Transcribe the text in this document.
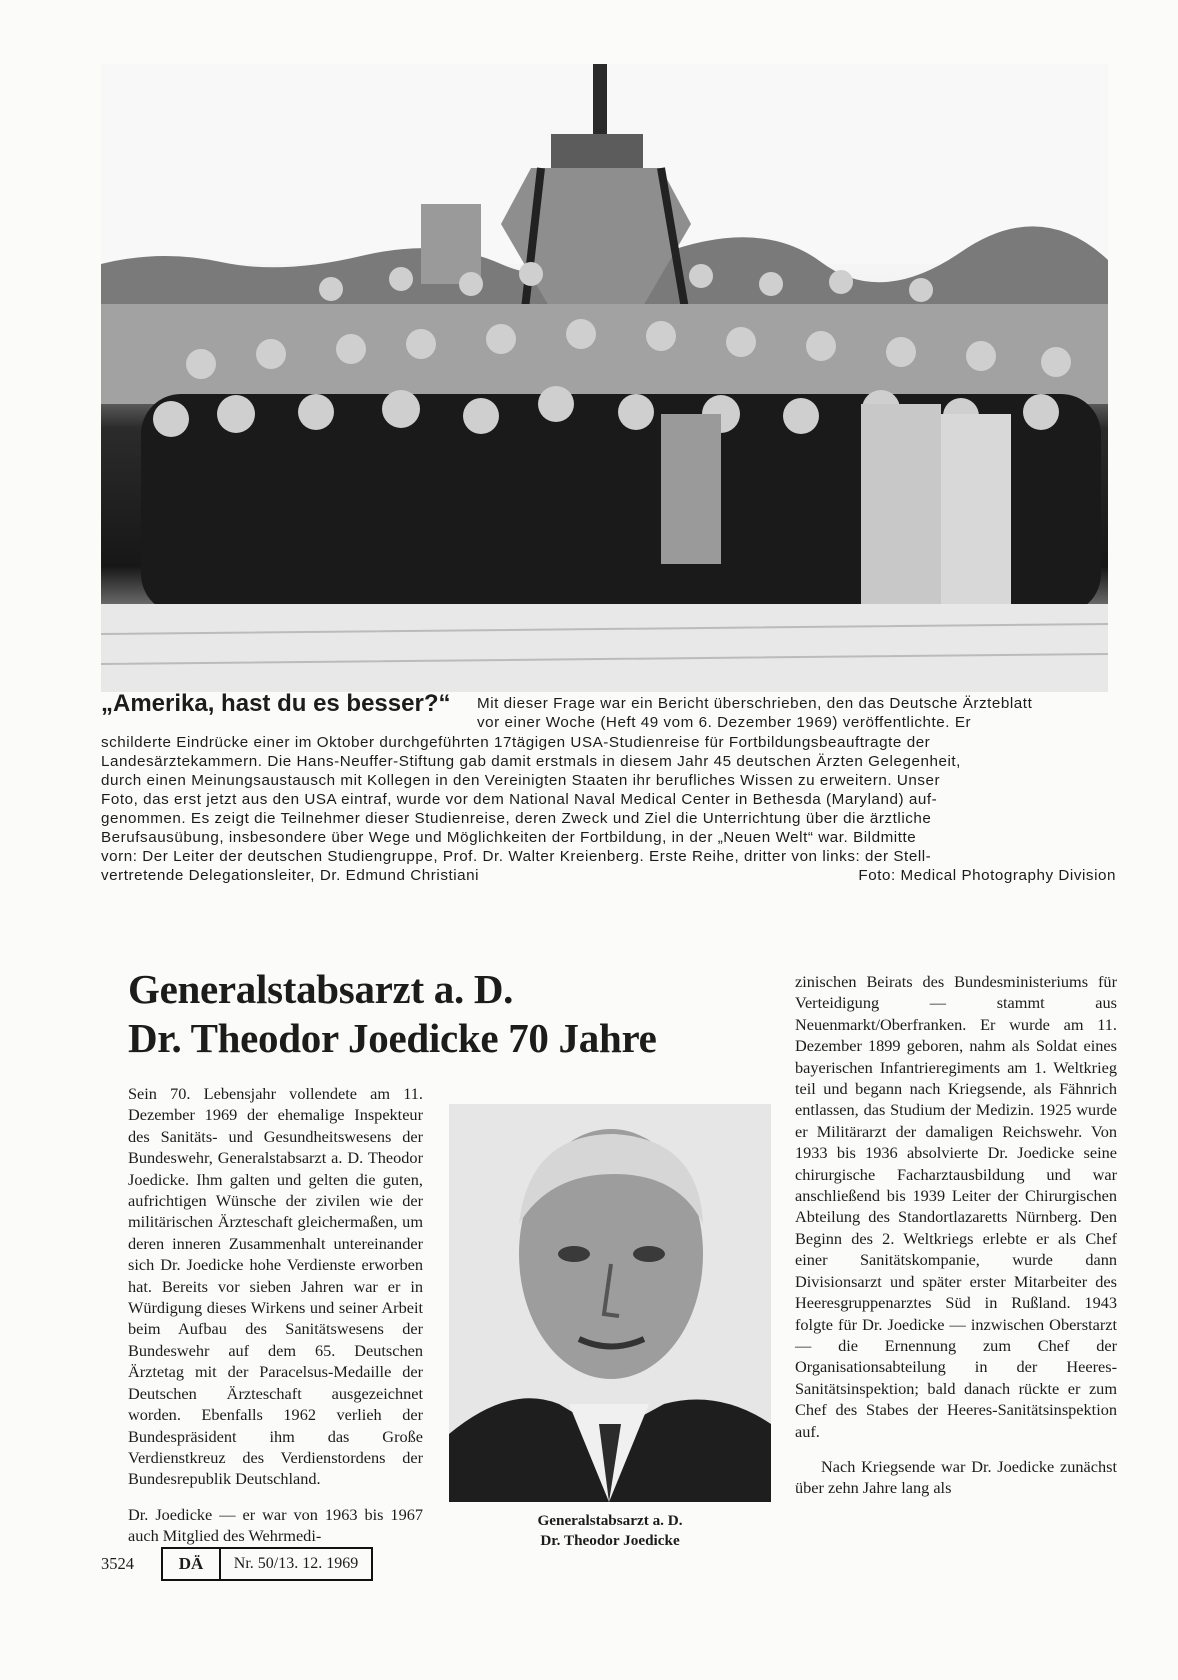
„Amerika, hast du es besser?“	Mit dieser Frage war ein Bericht überschrieben, den das Deutsche Ärzteblatt
vor einer Woche (Heft 49 vom 6. Dezember 1969) veröffentlichte. Er
schilderte Eindrücke einer im Oktober durchgeführten 17tägigen USA-Studienreise für Fortbildungsbeauftragte der
Landesärztekammern. Die Hans-Neuffer-Stiftung gab damit erstmals in diesem Jahr 45 deutschen Ärzten Gelegenheit,
durch einen Meinungsaustausch mit Kollegen in den Vereinigten Staaten ihr berufliches Wissen zu erweitern. Unser
Foto, das erst jetzt aus den USA eintraf, wurde vor dem National Naval Medical Center in Bethesda (Maryland) auf-
genommen. Es zeigt die Teilnehmer dieser Studienreise, deren Zweck und Ziel die Unterrichtung über die ärztliche
Berufsausübung, insbesondere über Wege und Möglichkeiten der Fortbildung, in der „Neuen Welt“ war. Bildmitte
vorn: Der Leiter der deutschen Studiengruppe, Prof. Dr. Walter Kreienberg. Erste Reihe, dritter von links: der Stell-
vertretende Delegationsleiter, Dr. Edmund Christiani	Foto: Medical Photography Division
Generalstabsarzt a. D.
Dr. Theodor Joedicke 70 Jahre

Sein 70. Lebensjahr vollendete am 11. Dezember 1969 der ehemalige Inspekteur des Sanitäts- und Gesundheitswesens der Bundeswehr, Generalstabsarzt a. D. Theodor Joedicke. Ihm galten und gelten die guten, aufrichtigen Wünsche der zivilen wie der militärischen Ärzteschaft gleichermaßen, um deren inneren Zusammenhalt untereinander sich Dr. Joedicke hohe Verdienste erworben hat. Bereits vor sieben Jahren war er in Würdigung dieses Wirkens und seiner Arbeit beim Aufbau des Sanitätswesens der Bundeswehr auf dem 65. Deutschen Ärztetag mit der Paracelsus-Medaille der Deutschen Ärzteschaft ausgezeichnet worden. Ebenfalls 1962 verlieh der Bundespräsident ihm das Große Verdienstkreuz des Verdienstordens der Bundesrepublik Deutschland.

Dr. Joedicke — er war von 1963 bis 1967 auch Mitglied des Wehrmedi-

Generalstabsarzt a. D.
Dr. Theodor Joedicke

zinischen Beirats des Bundesministeriums für Verteidigung — stammt aus Neuenmarkt/Oberfranken. Er wurde am 11. Dezember 1899 geboren, nahm als Soldat eines bayerischen Infantrieregiments am 1. Weltkrieg teil und begann nach Kriegsende, als Fähnrich entlassen, das Studium der Medizin. 1925 wurde er Militärarzt der damaligen Reichswehr. Von 1933 bis 1936 absolvierte Dr. Joedicke seine chirurgische Facharztausbildung und war anschließend bis 1939 Leiter der Chirurgischen Abteilung des Standortlazaretts Nürnberg. Den Beginn des 2. Weltkriegs erlebte er als Chef einer Sanitätskompanie, wurde dann Divisionsarzt und später erster Mitarbeiter des Heeresgruppenarztes Süd in Rußland. 1943 folgte für Dr. Joedicke — inzwischen Oberstarzt — die Ernennung zum Chef der Organisationsabteilung in der Heeres-Sanitätsinspektion; bald danach rückte er zum Chef des Stabes der Heeres-Sanitätsinspektion auf.

Nach Kriegsende war Dr. Joedicke zunächst über zehn Jahre lang als

3524	DÄ	Nr. 50/13. 12. 1969
